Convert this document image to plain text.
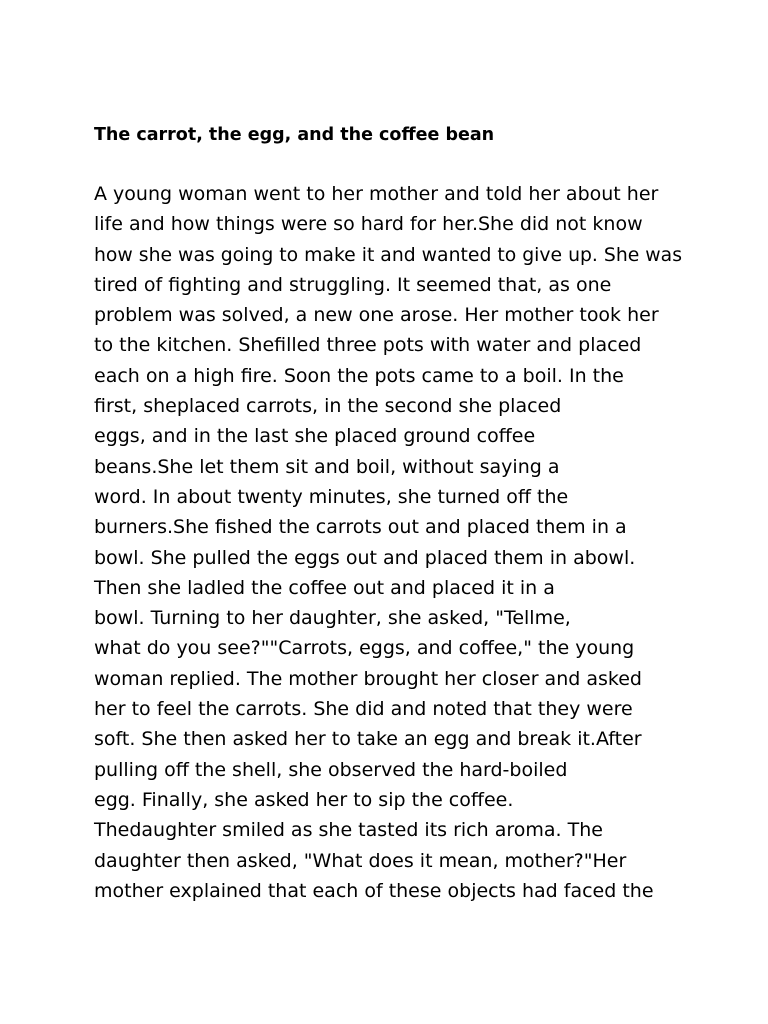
The carrot, the egg, and the coffee bean
A young woman went to her mother and told her about her
life and how things were so hard for her.She did not know
how she was going to make it and wanted to give up. She was
tired of fighting and struggling. It seemed that, as one
problem was solved, a new one arose. Her mother took her
to the kitchen. Shefilled three pots with water and placed
each on a high fire. Soon the pots came to a boil. In the
first, sheplaced carrots, in the second she placed
eggs, and in the last she placed ground coffee
beans.She let them sit and boil, without saying a
word. In about twenty minutes, she turned off the
burners.She fished the carrots out and placed them in a
bowl. She pulled the eggs out and placed them in abowl.
Then she ladled the coffee out and placed it in a
bowl. Turning to her daughter, she asked, "Tellme,
what do you see?""Carrots, eggs, and coffee," the young
woman replied. The mother brought her closer and asked
her to feel the carrots. She did and noted that they were
soft. She then asked her to take an egg and break it.After
pulling off the shell, she observed the hard-boiled
egg. Finally, she asked her to sip the coffee.
Thedaughter smiled as she tasted its rich aroma. The
daughter then asked, "What does it mean, mother?"Her
mother explained that each of these objects had faced the
